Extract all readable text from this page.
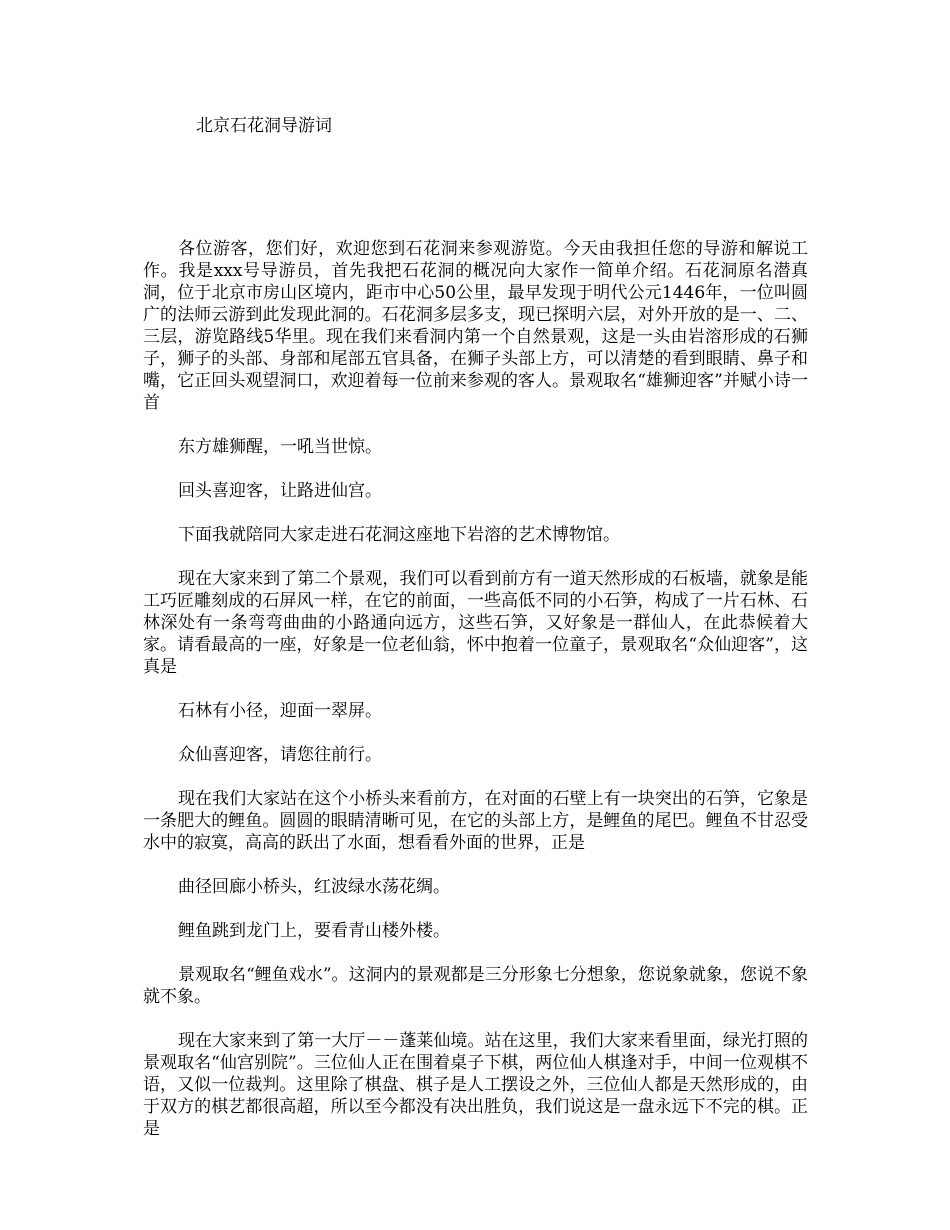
北京石花洞导游词

各位游客，您们好，欢迎您到石花洞来参观游览。今天由我担任您的导游和解说工作。我是xxx号导游员，首先我把石花洞的概况向大家作一简单介绍。石花洞原名潜真洞，位于北京市房山区境内，距市中心50公里，最早发现于明代公元1446年，一位叫圆广的法师云游到此发现此洞的。石花洞多层多支，现已探明六层，对外开放的是一、二、三层，游览路线5华里。现在我们来看洞内第一个自然景观，这是一头由岩溶形成的石狮子，狮子的头部、身部和尾部五官具备，在狮子头部上方，可以清楚的看到眼睛、鼻子和嘴，它正回头观望洞口，欢迎着每一位前来参观的客人。景观取名“雄狮迎客”并赋小诗一首

东方雄狮醒，一吼当世惊。

回头喜迎客，让路进仙宫。

下面我就陪同大家走进石花洞这座地下岩溶的艺术博物馆。

现在大家来到了第二个景观，我们可以看到前方有一道天然形成的石板墙，就象是能工巧匠雕刻成的石屏风一样，在它的前面，一些高低不同的小石笋，构成了一片石林、石林深处有一条弯弯曲曲的小路通向远方，这些石笋，又好象是一群仙人，在此恭候着大家。请看最高的一座，好象是一位老仙翁，怀中抱着一位童子，景观取名“众仙迎客”，这真是

石林有小径，迎面一翠屏。

众仙喜迎客，请您往前行。

现在我们大家站在这个小桥头来看前方，在对面的石壁上有一块突出的石笋，它象是一条肥大的鲤鱼。圆圆的眼睛清晰可见，在它的头部上方，是鲤鱼的尾巴。鲤鱼不甘忍受水中的寂寞，高高的跃出了水面，想看看外面的世界，正是

曲径回廊小桥头，红波绿水荡花绸。

鲤鱼跳到龙门上，要看青山楼外楼。

景观取名“鲤鱼戏水”。这洞内的景观都是三分形象七分想象，您说象就象，您说不象就不象。

现在大家来到了第一大厅－－蓬莱仙境。站在这里，我们大家来看里面，绿光打照的景观取名“仙宫别院”。三位仙人正在围着桌子下棋，两位仙人棋逢对手，中间一位观棋不语，又似一位裁判。这里除了棋盘、棋子是人工摆设之外，三位仙人都是天然形成的，由于双方的棋艺都很高超，所以至今都没有决出胜负，我们说这是一盘永远下不完的棋。正是
